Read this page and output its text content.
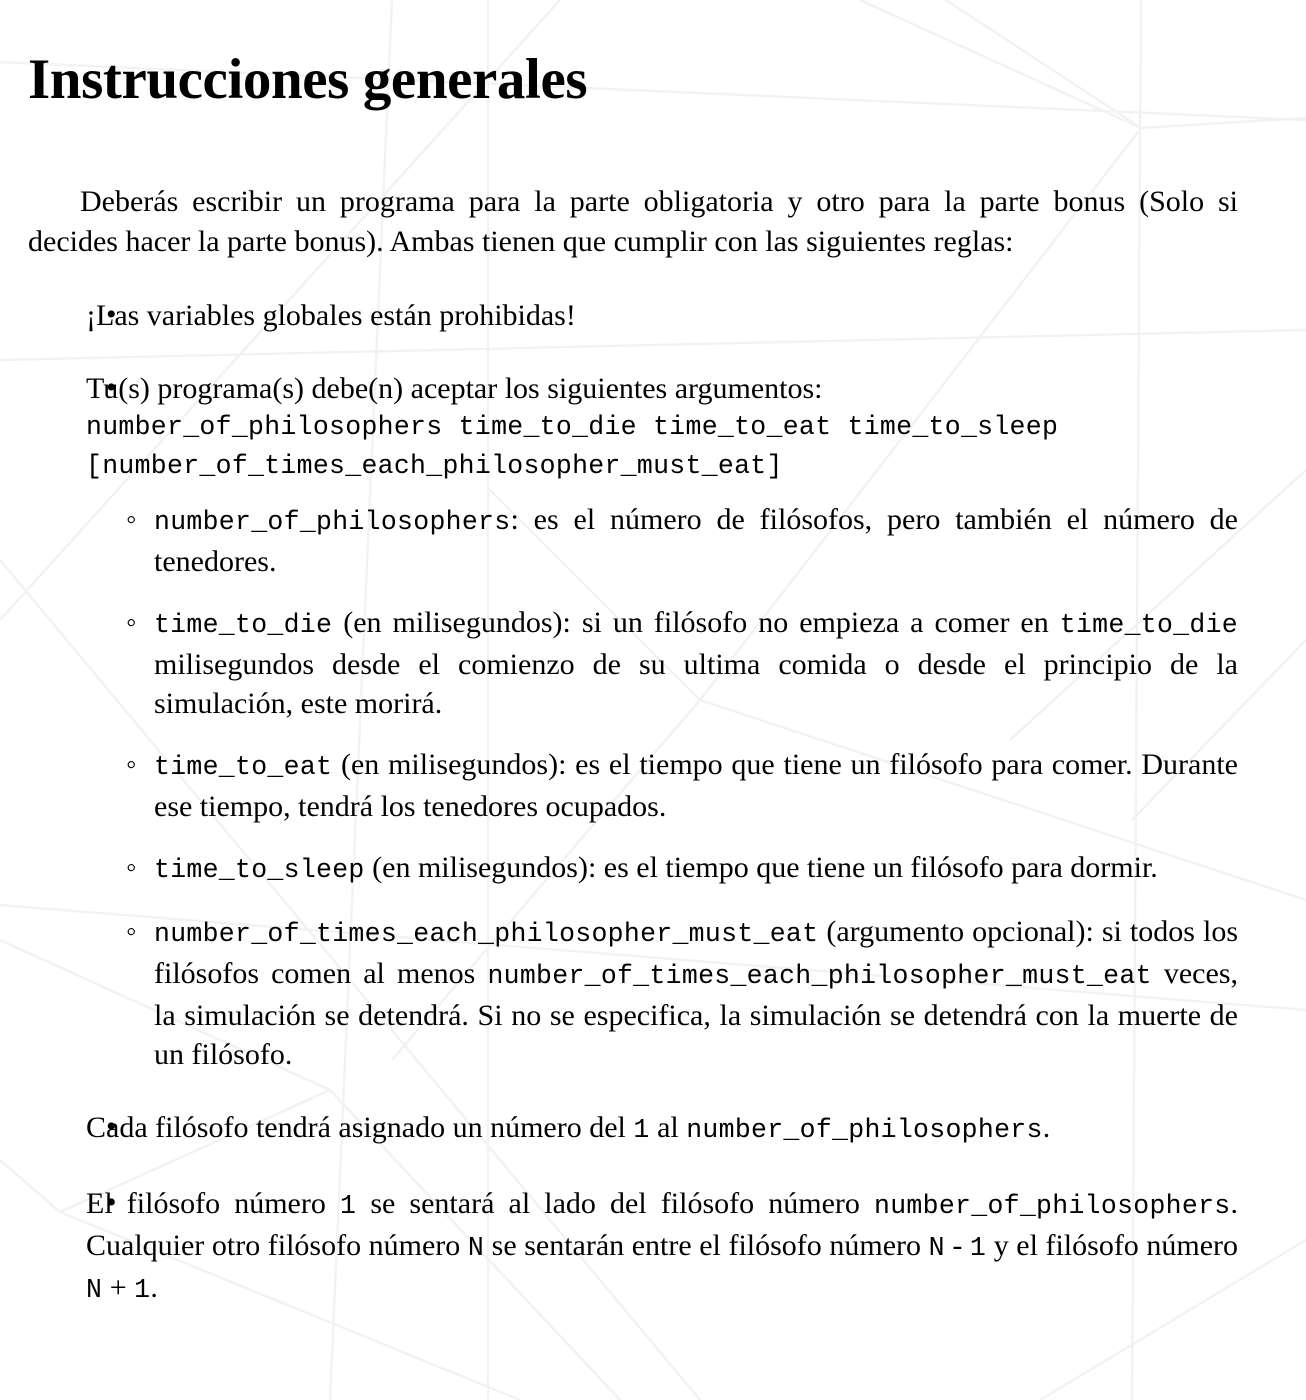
Instrucciones generales

Deberás escribir un programa para la parte obligatoria y otro para la parte bonus (Solo si decides hacer la parte bonus). Ambas tienen que cumplir con las siguientes reglas:

• ¡Las variables globales están prohibidas!
• Tu(s) programa(s) debe(n) aceptar los siguientes argumentos:
number_of_philosophers time_to_die time_to_eat time_to_sleep
[number_of_times_each_philosopher_must_eat]
◦ number_of_philosophers: es el número de filósofos, pero también el número de tenedores.
◦ time_to_die (en milisegundos): si un filósofo no empieza a comer en time_to_die milisegundos desde el comienzo de su ultima comida o desde el principio de la simulación, este morirá.
◦ time_to_eat (en milisegundos): es el tiempo que tiene un filósofo para comer. Durante ese tiempo, tendrá los tenedores ocupados.
◦ time_to_sleep (en milisegundos): es el tiempo que tiene un filósofo para dormir.
◦ number_of_times_each_philosopher_must_eat (argumento opcional): si todos los filósofos comen al menos number_of_times_each_philosopher_must_eat veces, la simulación se detendrá. Si no se especifica, la simulación se detendrá con la muerte de un filósofo.
• Cada filósofo tendrá asignado un número del 1 al number_of_philosophers.
• El filósofo número 1 se sentará al lado del filósofo número number_of_philosophers. Cualquier otro filósofo número N se sentarán entre el filósofo número N - 1 y el filósofo número N + 1.
